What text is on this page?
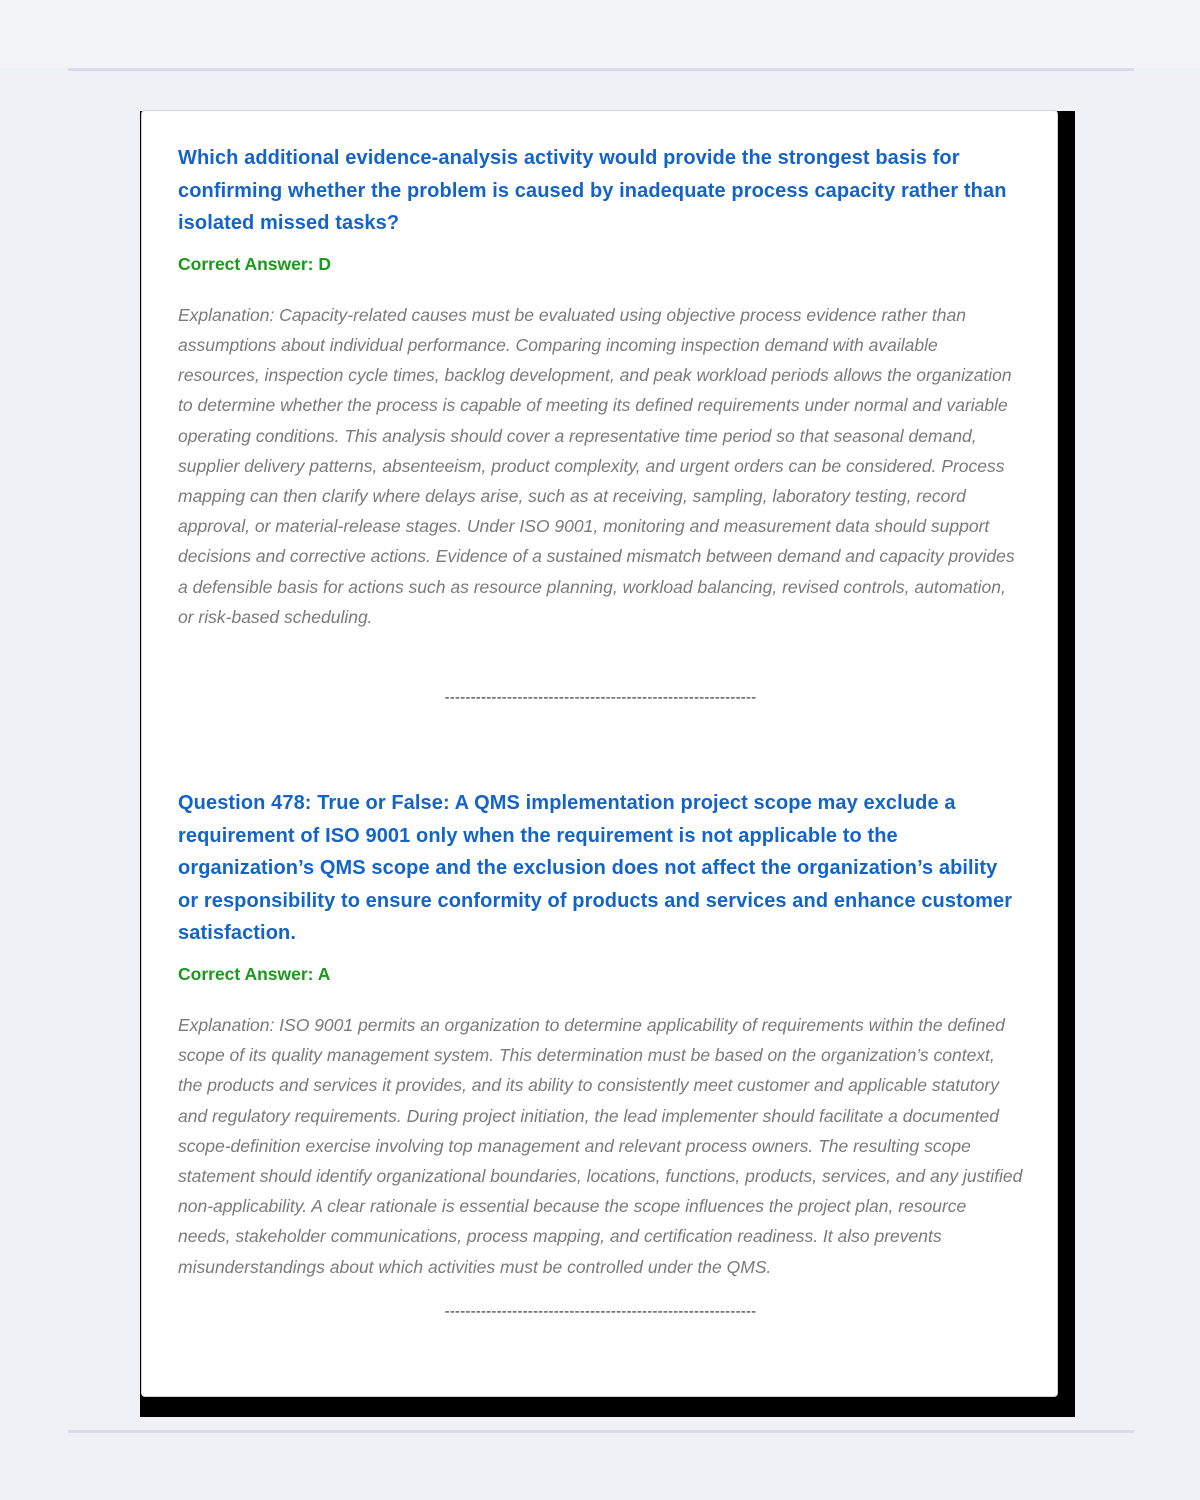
Which additional evidence-analysis activity would provide the strongest basis for confirming whether the problem is caused by inadequate process capacity rather than isolated missed tasks?

Correct Answer: D

Explanation: Capacity-related causes must be evaluated using objective process evidence rather than assumptions about individual performance. Comparing incoming inspection demand with available resources, inspection cycle times, backlog development, and peak workload periods allows the organization to determine whether the process is capable of meeting its defined requirements under normal and variable operating conditions. This analysis should cover a representative time period so that seasonal demand, supplier delivery patterns, absenteeism, product complexity, and urgent orders can be considered. Process mapping can then clarify where delays arise, such as at receiving, sampling, laboratory testing, record approval, or material-release stages. Under ISO 9001, monitoring and measurement data should support decisions and corrective actions. Evidence of a sustained mismatch between demand and capacity provides a defensible basis for actions such as resource planning, workload balancing, revised controls, automation, or risk-based scheduling.

------------------------------------------------------------

Question 478: True or False: A QMS implementation project scope may exclude a requirement of ISO 9001 only when the requirement is not applicable to the organization’s QMS scope and the exclusion does not affect the organization’s ability or responsibility to ensure conformity of products and services and enhance customer satisfaction.

Correct Answer: A

Explanation: ISO 9001 permits an organization to determine applicability of requirements within the defined scope of its quality management system. This determination must be based on the organization’s context, the products and services it provides, and its ability to consistently meet customer and applicable statutory and regulatory requirements. During project initiation, the lead implementer should facilitate a documented scope-definition exercise involving top management and relevant process owners. The resulting scope statement should identify organizational boundaries, locations, functions, products, services, and any justified non-applicability. A clear rationale is essential because the scope influences the project plan, resource needs, stakeholder communications, process mapping, and certification readiness. It also prevents misunderstandings about which activities must be controlled under the QMS.

------------------------------------------------------------
